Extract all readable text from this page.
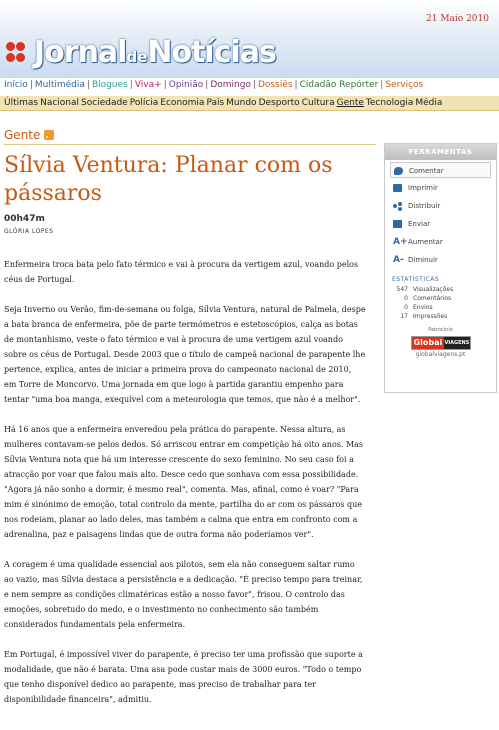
21 Maio 2010
JornaldeNotícias
Início | Multimédia | Blogues | Viva+ | Opinião | Domingo | Dossiês | Cidadão Repórter | Serviços
Últimas Nacional Sociedade Polícia Economia País Mundo Desporto Cultura Gente Tecnologia Média
Gente
Sílvia Ventura: Planar com os pássaros
00h47m
GLÓRIA LOPES

Enfermeira troca bata pelo fato térmico e vai à procura da vertigem azul, voando pelos céus de Portugal.

Seja Inverno ou Verão, fim-de-semana ou folga, Sílvia Ventura, natural de Palmela, despe a bata branca de enfermeira, põe de parte termómetros e estetoscópios, calça as botas de montanhismo, veste o fato térmico e vai à procura de uma vertigem azul voando sobre os céus de Portugal. Desde 2003 que o título de campeã nacional de parapente lhe pertence, explica, antes de iniciar a primeira prova do campeonato nacional de 2010, em Torre de Moncorvo. Uma jornada em que logo à partida garantiu empenho para tentar "uma boa manga, exequível com a meteorologia que temos, que não é a melhor".

Há 16 anos que a enfermeira enveredou pela prática do parapente. Nessa altura, as mulheres contavam-se pelos dedos. Só arriscou entrar em competição há oito anos. Mas Sílvia Ventura nota que há um interesse crescente do sexo feminino. No seu caso foi a atracção por voar que falou mais alto. Desce cedo que sonhava com essa possibilidade. "Agora já não sonho a dormir, é mesmo real", comenta. Mas, afinal, como é voar? "Para mim é sinónimo de emoção, total controlo da mente, partilha do ar com os pássaros que nos rodeiam, planar ao lado deles, mas também a calma que entra em confronto com a adrenalina, paz e paisagens lindas que de outra forma não poderíamos ver".

A coragem é uma qualidade essencial aos pilotos, sem ela não conseguem saltar rumo ao vazio, mas Sílvia destaca a persistência e a dedicação. "É preciso tempo para treinar, e nem sempre as condições climatéricas estão a nosso favor", frisou. O controlo das emoções, sobretudo do medo, e o investimento no conhecimento são também considerados fundamentais pela enfermeira.

Em Portugal, é impossível viver do parapente, é preciso ter uma profissão que suporte a modalidade, que não é barata. Uma asa pode custar mais de 3000 euros. "Todo o tempo que tenho disponível dedico ao parapente, mas preciso de trabalhar para ter disponibilidade financeira", admitiu.

FERRAMENTAS
Comentar
Imprimir
Distribuir
Enviar
A+ Aumentar
A- Diminuir
ESTATÍSTICAS
547 Visualizações
0 Comentários
0 Envios
17 Impressões
Patrocínio
Global VIAGENS
globalviagens.pt
